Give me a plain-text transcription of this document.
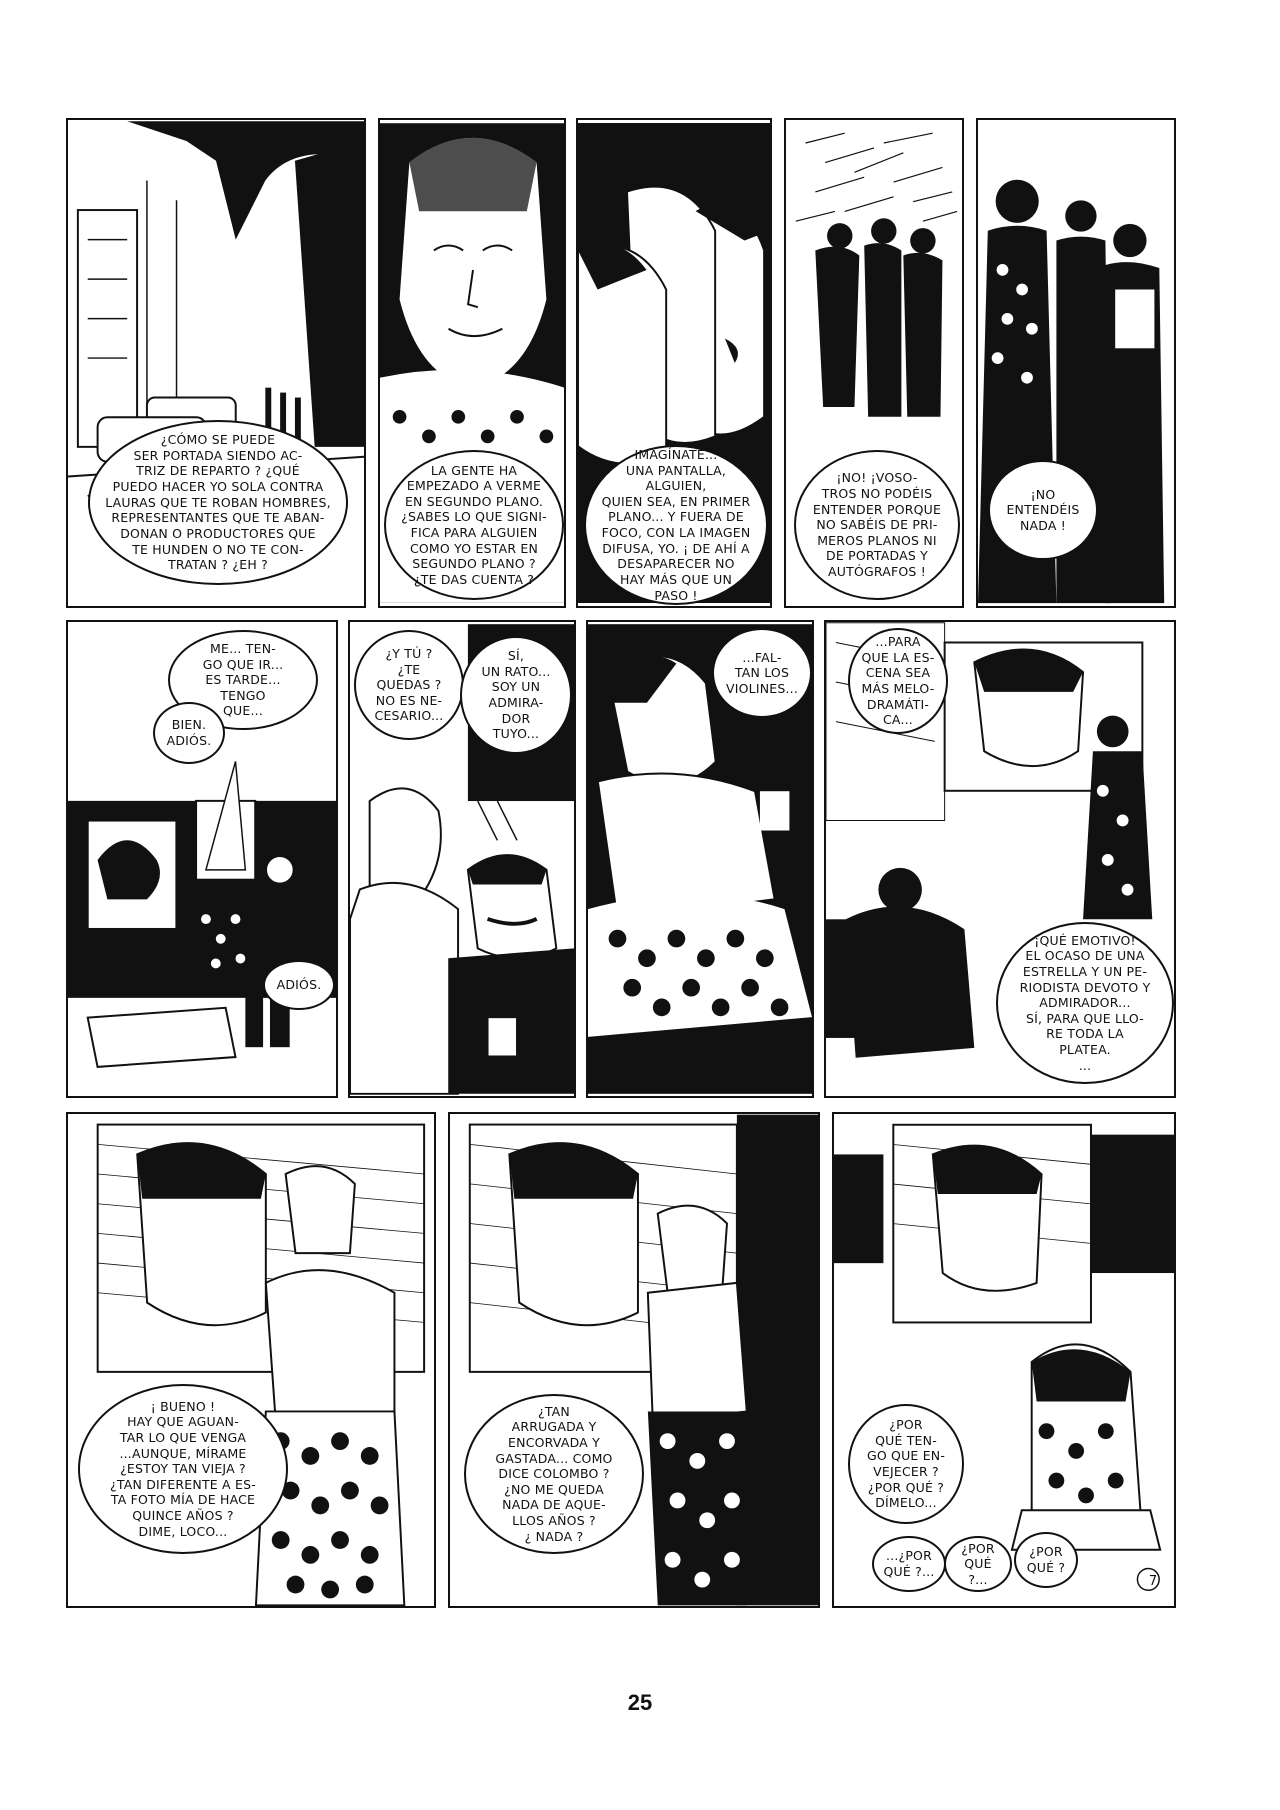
¿CÓMO SE PUEDE
SER PORTADA SIENDO AC-
TRIZ DE REPARTO ? ¿QUÉ
PUEDO HACER YO SOLA CONTRA
LAURAS QUE TE ROBAN HOMBRES,
REPRESENTANTES QUE TE ABAN-
DONAN O PRODUCTORES QUE
TE HUNDEN O NO TE CON-
TRATAN ? ¿EH ?
LA GENTE HA
EMPEZADO A VERME
EN SEGUNDO PLANO.
¿SABES LO QUE SIGNI-
FICA PARA ALGUIEN
COMO YO ESTAR EN
SEGUNDO PLANO ?
¿TE DAS CUENTA ?
IMAGÍNATE...
UNA PANTALLA, ALGUIEN,
QUIEN SEA, EN PRIMER
PLANO... Y FUERA DE
FOCO, CON LA IMAGEN
DIFUSA, YO. ¡ DE AHÍ A
DESAPARECER NO
HAY MÁS QUE UN
PASO !
¡NO! ¡VOSO-
TROS NO PODÉIS
ENTENDER PORQUE
NO SABÉIS DE PRI-
MEROS PLANOS NI
DE PORTADAS Y
AUTÓGRAFOS !
¡NO
ENTENDÉIS
NADA !
ME... TEN-
GO QUE IR...
ES TARDE...
TENGO
QUE...
BIEN.
ADIÓS.
ADIÓS.
¿Y TÚ ?
¿TE
QUEDAS ?
NO ES NE-
CESARIO...
SÍ,
UN RATO...
SOY UN
ADMIRA-
DOR
TUYO...
...FAL-
TAN LOS
VIOLINES...
...PARA
QUE LA ES-
CENA SEA
MÁS MELO-
DRAMÁTI-
CA...
¡QUÉ EMOTIVO!
EL OCASO DE UNA
ESTRELLA Y UN PE-
RIODISTA DEVOTO Y
ADMIRADOR...
SÍ, PARA QUE LLO-
RE TODA LA
PLATEA.
...
¡ BUENO !
HAY QUE AGUAN-
TAR LO QUE VENGA
...AUNQUE, MÍRAME
¿ESTOY TAN VIEJA ?
¿TAN DIFERENTE A ES-
TA FOTO MÍA DE HACE
QUINCE AÑOS ?
DIME, LOCO...
¿TAN
ARRUGADA Y
ENCORVADA Y
GASTADA... COMO
DICE COLOMBO ?
¿NO ME QUEDA
NADA DE AQUE-
LLOS AÑOS ?
¿ NADA ?
¿POR
QUÉ TEN-
GO QUE EN-
VEJECER ?
¿POR QUÉ ?
DÍMELO...
...¿POR
QUÉ ?...
¿POR
QUÉ ?...
¿POR
QUÉ ?
7
25
